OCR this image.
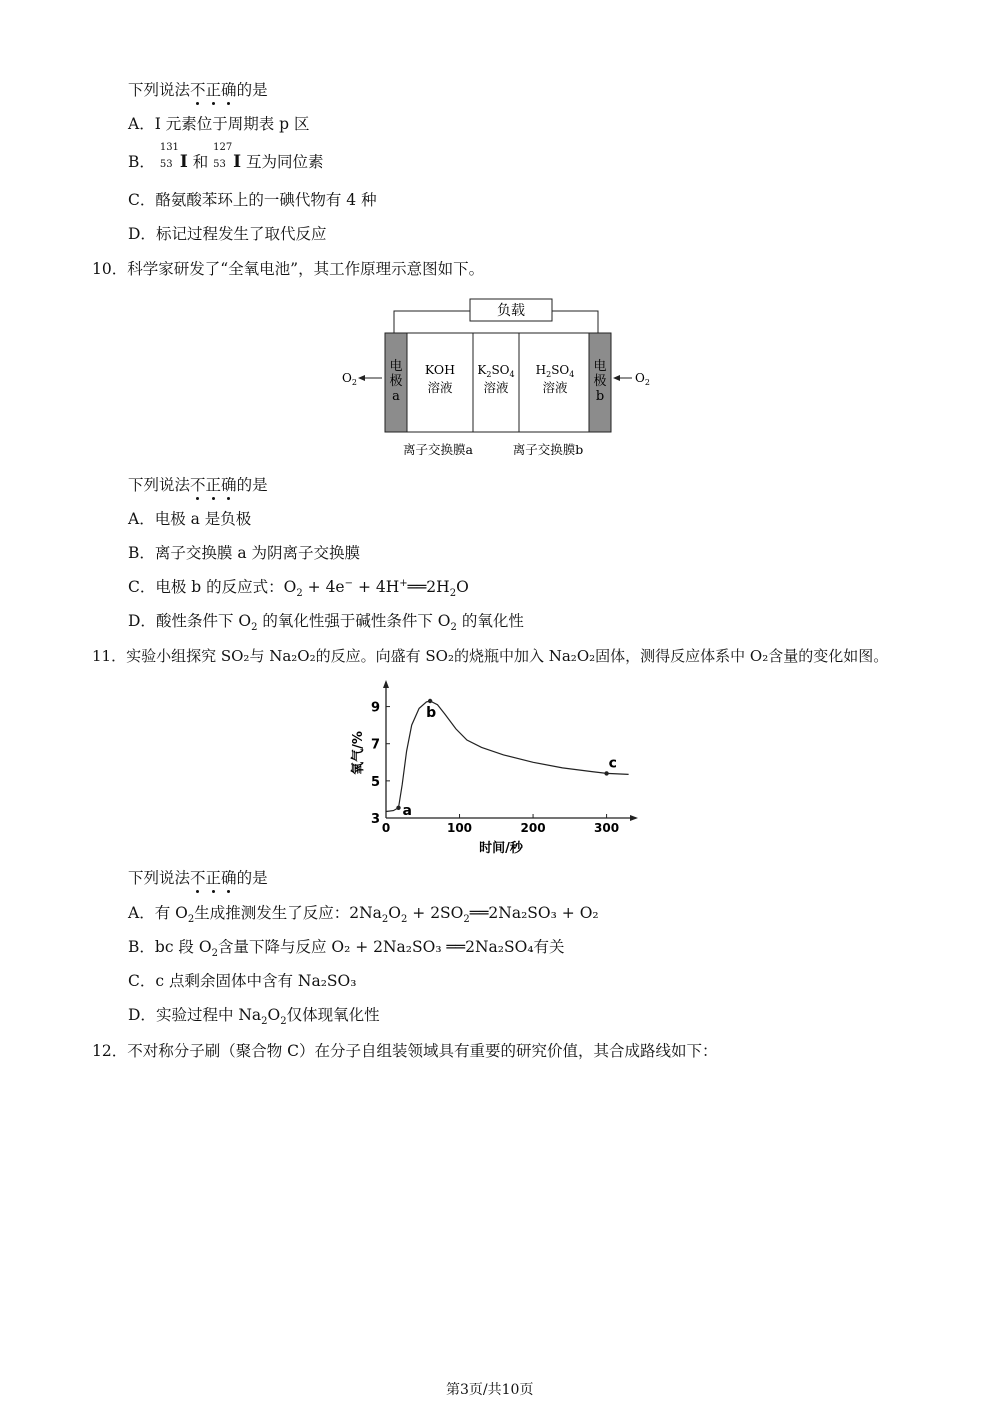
下列说法不正确的是
A．I 元素位于周期表 p 区
B．
131
53 I 和
127
53 I 互为同位素
C．酪氨酸苯环上的一碘代物有 4 种
D．标记过程发生了取代反应
10．科学家研发了“全氧电池”，其工作原理示意图如下。
负载
电
极
a
电
极
b
KOH
溶液
$K_2SO_4$
溶液
$H_2SO_4$
溶液
$O_2$	$O_2$
离子交换膜a	离子交换膜b
下列说法不正确的是
A．电极 a 是负极
B．离子交换膜 a 为阴离子交换膜
C．电极 b 的反应式：$O_2 + 4e^-$ + $4H^+══2H_2O$
D．酸性条件下 $O_2$ 的氧化性强于碱性条件下 $O_2$ 的氧化性
11．实验小组探究 SO₂与 Na₂O₂的反应。向盛有 SO₂的烧瓶中加入 Na₂O₂固体，测得反应体系中 O₂含量的变化如图。
0	100	200	300
3
5
7
9
a
b
c
时间/秒
氧气/%
下列说法不正确的是
A．有 $O_2$生成推测发生了反应：$2Na_2O_2$ + $2SO_2══2Na_2SO_3 + O_2$
B．bc 段 $O_2$含量下降与反应 O₂ + 2Na₂SO₃ ══2Na₂SO₄有关
C．c 点剩余固体中含有 Na₂SO₃
D．实验过程中 $Na_2O_2$仅体现氧化性
12．不对称分子刷（聚合物 C）在分子自组装领域具有重要的研究价值，其合成路线如下：
第3页/共10页
